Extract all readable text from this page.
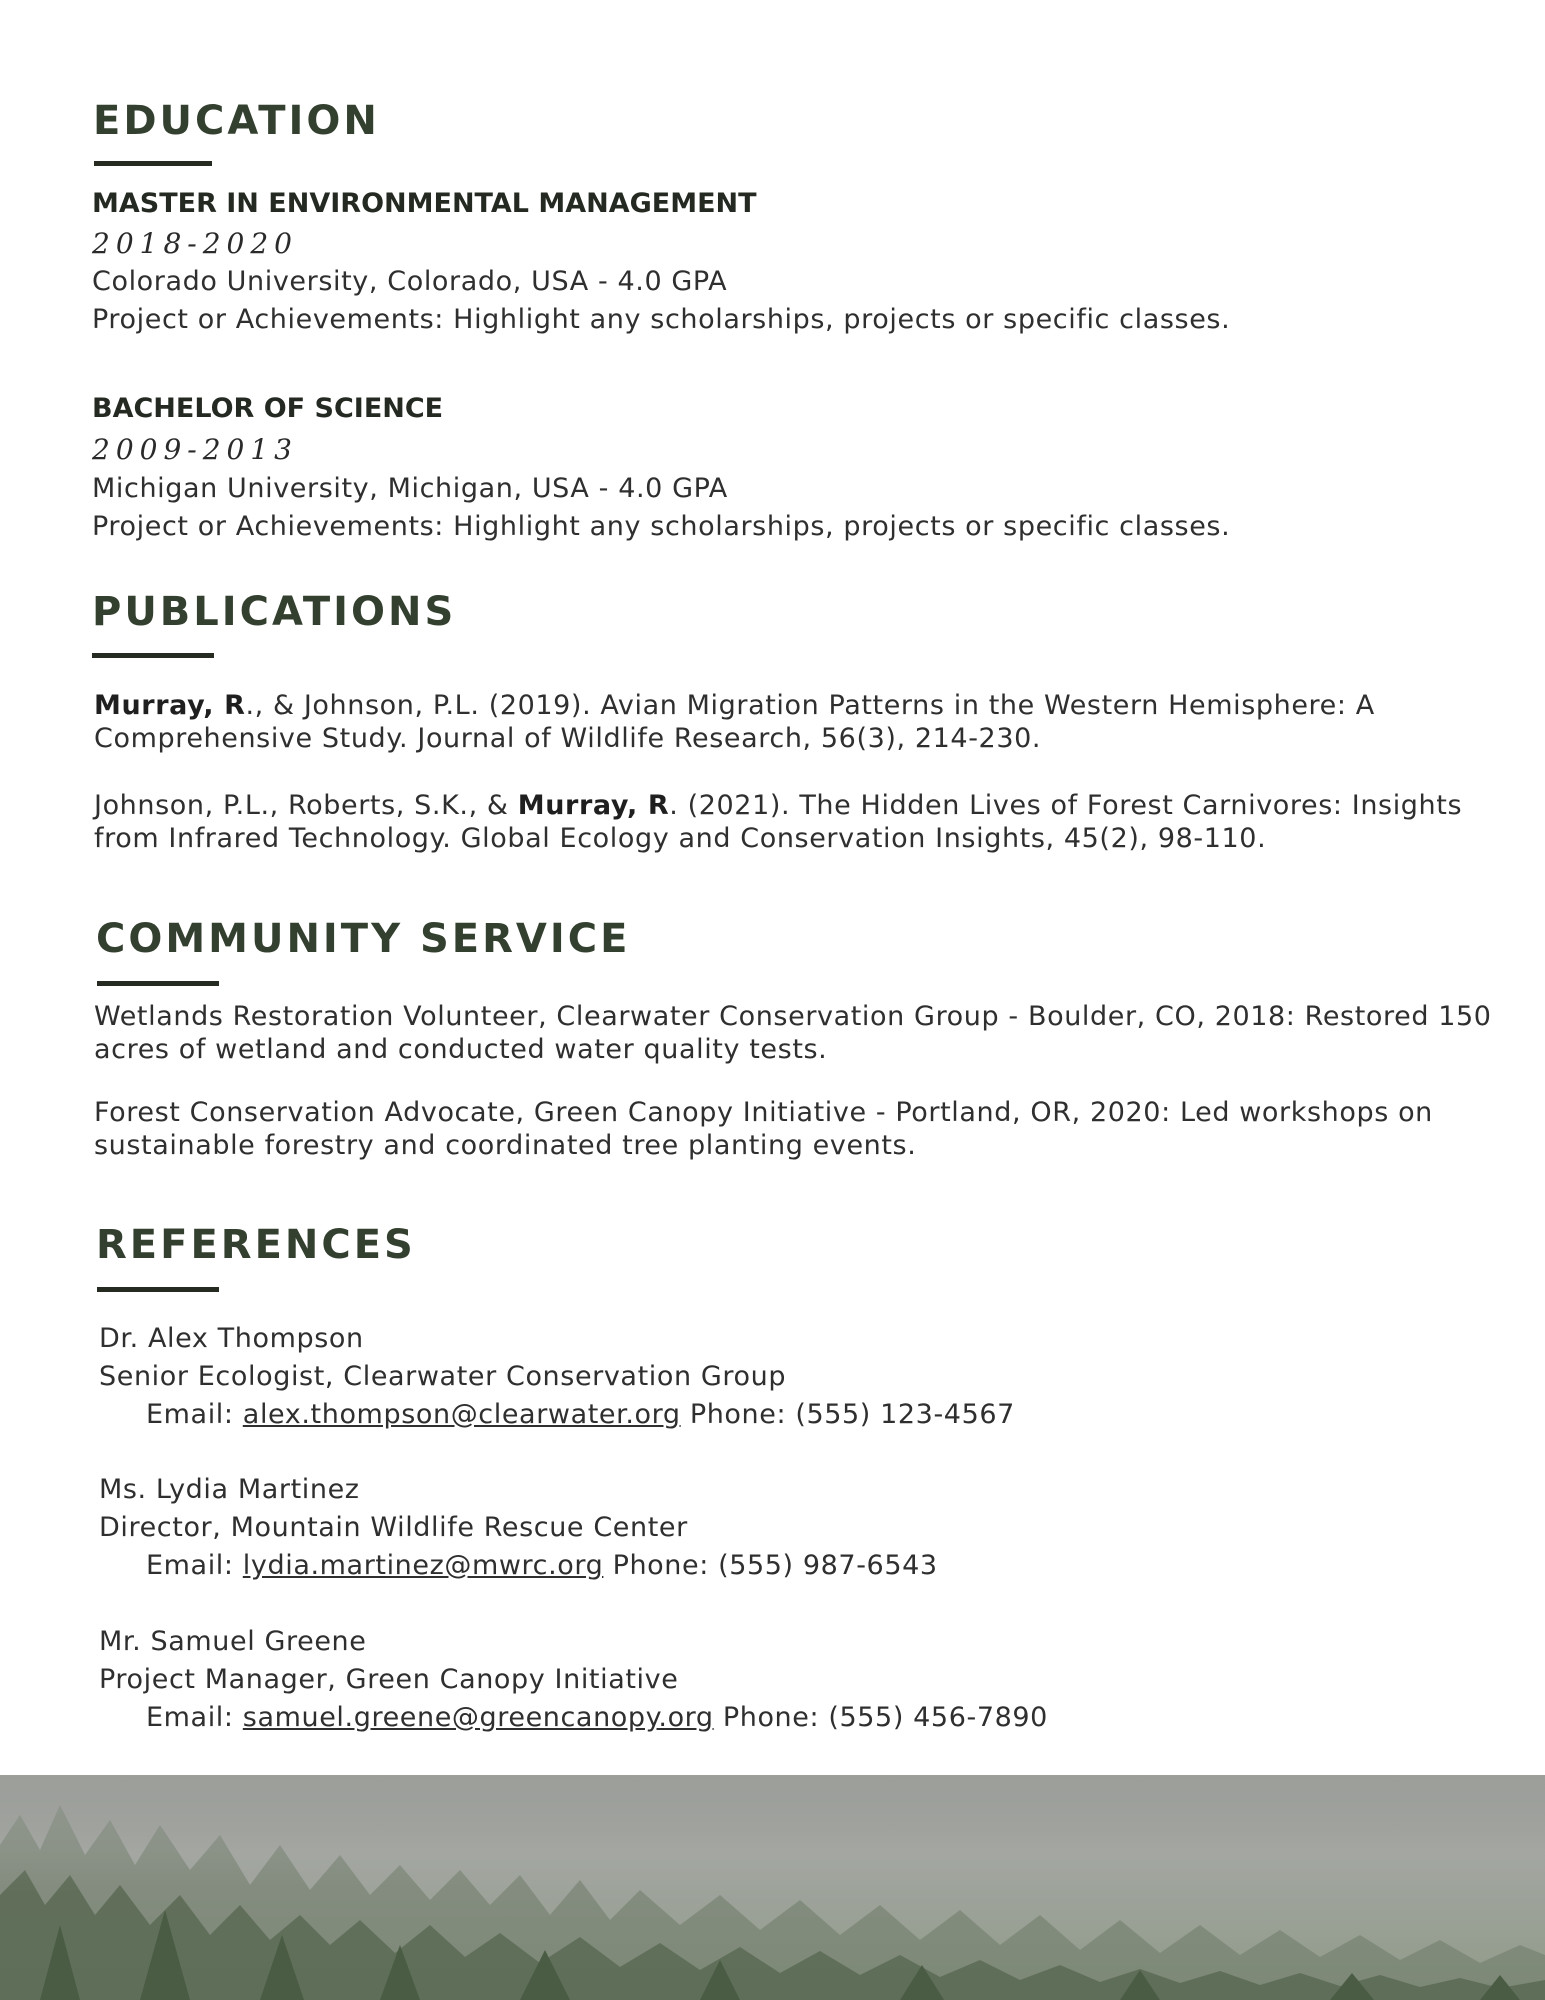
EDUCATION
MASTER IN ENVIRONMENTAL MANAGEMENT
2018-2020
Colorado University, Colorado, USA - 4.0 GPA
Project or Achievements: Highlight any scholarships, projects or specific classes.
BACHELOR OF SCIENCE
2009-2013
Michigan University, Michigan, USA - 4.0 GPA
Project or Achievements: Highlight any scholarships, projects or specific classes.
PUBLICATIONS
Murray, R., & Johnson, P.L. (2019). Avian Migration Patterns in the Western Hemisphere: A Comprehensive Study. Journal of Wildlife Research, 56(3), 214-230.
Johnson, P.L., Roberts, S.K., & Murray, R. (2021). The Hidden Lives of Forest Carnivores: Insights from Infrared Technology. Global Ecology and Conservation Insights, 45(2), 98-110.
COMMUNITY SERVICE
Wetlands Restoration Volunteer, Clearwater Conservation Group - Boulder, CO, 2018: Restored 150 acres of wetland and conducted water quality tests.
Forest Conservation Advocate, Green Canopy Initiative - Portland, OR, 2020: Led workshops on sustainable forestry and coordinated tree planting events.
REFERENCES
Dr. Alex Thompson
Senior Ecologist, Clearwater Conservation Group
Email: alex.thompson@clearwater.org Phone: (555) 123-4567
Ms. Lydia Martinez
Director, Mountain Wildlife Rescue Center
Email: lydia.martinez@mwrc.org Phone: (555) 987-6543
Mr. Samuel Greene
Project Manager, Green Canopy Initiative
Email: samuel.greene@greencanopy.org Phone: (555) 456-7890
